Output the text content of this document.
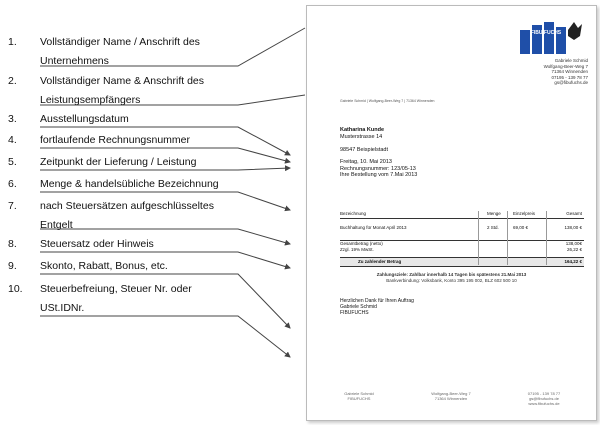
1.	Vollständiger Name / Anschrift des
Unternehmens
2.	Vollständiger Name & Anschrift des
Leistungsempfängers
3.	Ausstellungsdatum
4.	fortlaufende Rechnungsnummer
5.	Zeitpunkt der Lieferung / Leistung
6.	Menge & handelsübliche Bezeichnung
7.	nach Steuersätzen aufgeschlüsseltes
Entgelt
8.	Steuersatz oder Hinweis
9.	Skonto, Rabatt, Bonus, etc.
10.	Steuerbefreiung, Steuer Nr. oder
USt.IDNr.
FIBU FUCHS
Gabriele Schmid
Wolfgang-Beer-Weg 7
71364 Winnenden
07195 - 139 78 77
gs@fibufuchs.de
Gabriele Schmid | Wolfgang-Beer-Weg 7 | 71364 Winnenden
Katharina Kunde
Musterstrasse 14
98547 Beispielstadt
Freitag, 10. Mai 2013
Rechnungsnummer: 123/05-13
Ihre Bestellung vom 7.Mai 2013
Bezeichnung	Menge	Einzelpreis	Gesamt
Buchhaltung für Monat April 2013	2 Std.	69,00 €	138,00 €
Gesamtbetrag (netto)	138,00€
Zzgl. 19% MwSt.	26,22 €
Zu zahlender Betrag	164,22 €
Zahlungsziele: Zahlbar innerhalb 14 Tagen bis spätestens 21.Mai 2013
Bankverbindung: Volksbank, Konto 395 195 002, BLZ 602 500 10
Herzlichen Dank für Ihren Auftrag
Gabriele Schmid
FIBUFUCHS
Gabriele Schmid
FIBUFUCHS
Wolfgang-Beer-Weg 7
71364 Winnenden
07195 - 139 78 77
gs@fibufuchs.de
www.fibufuchs.de
